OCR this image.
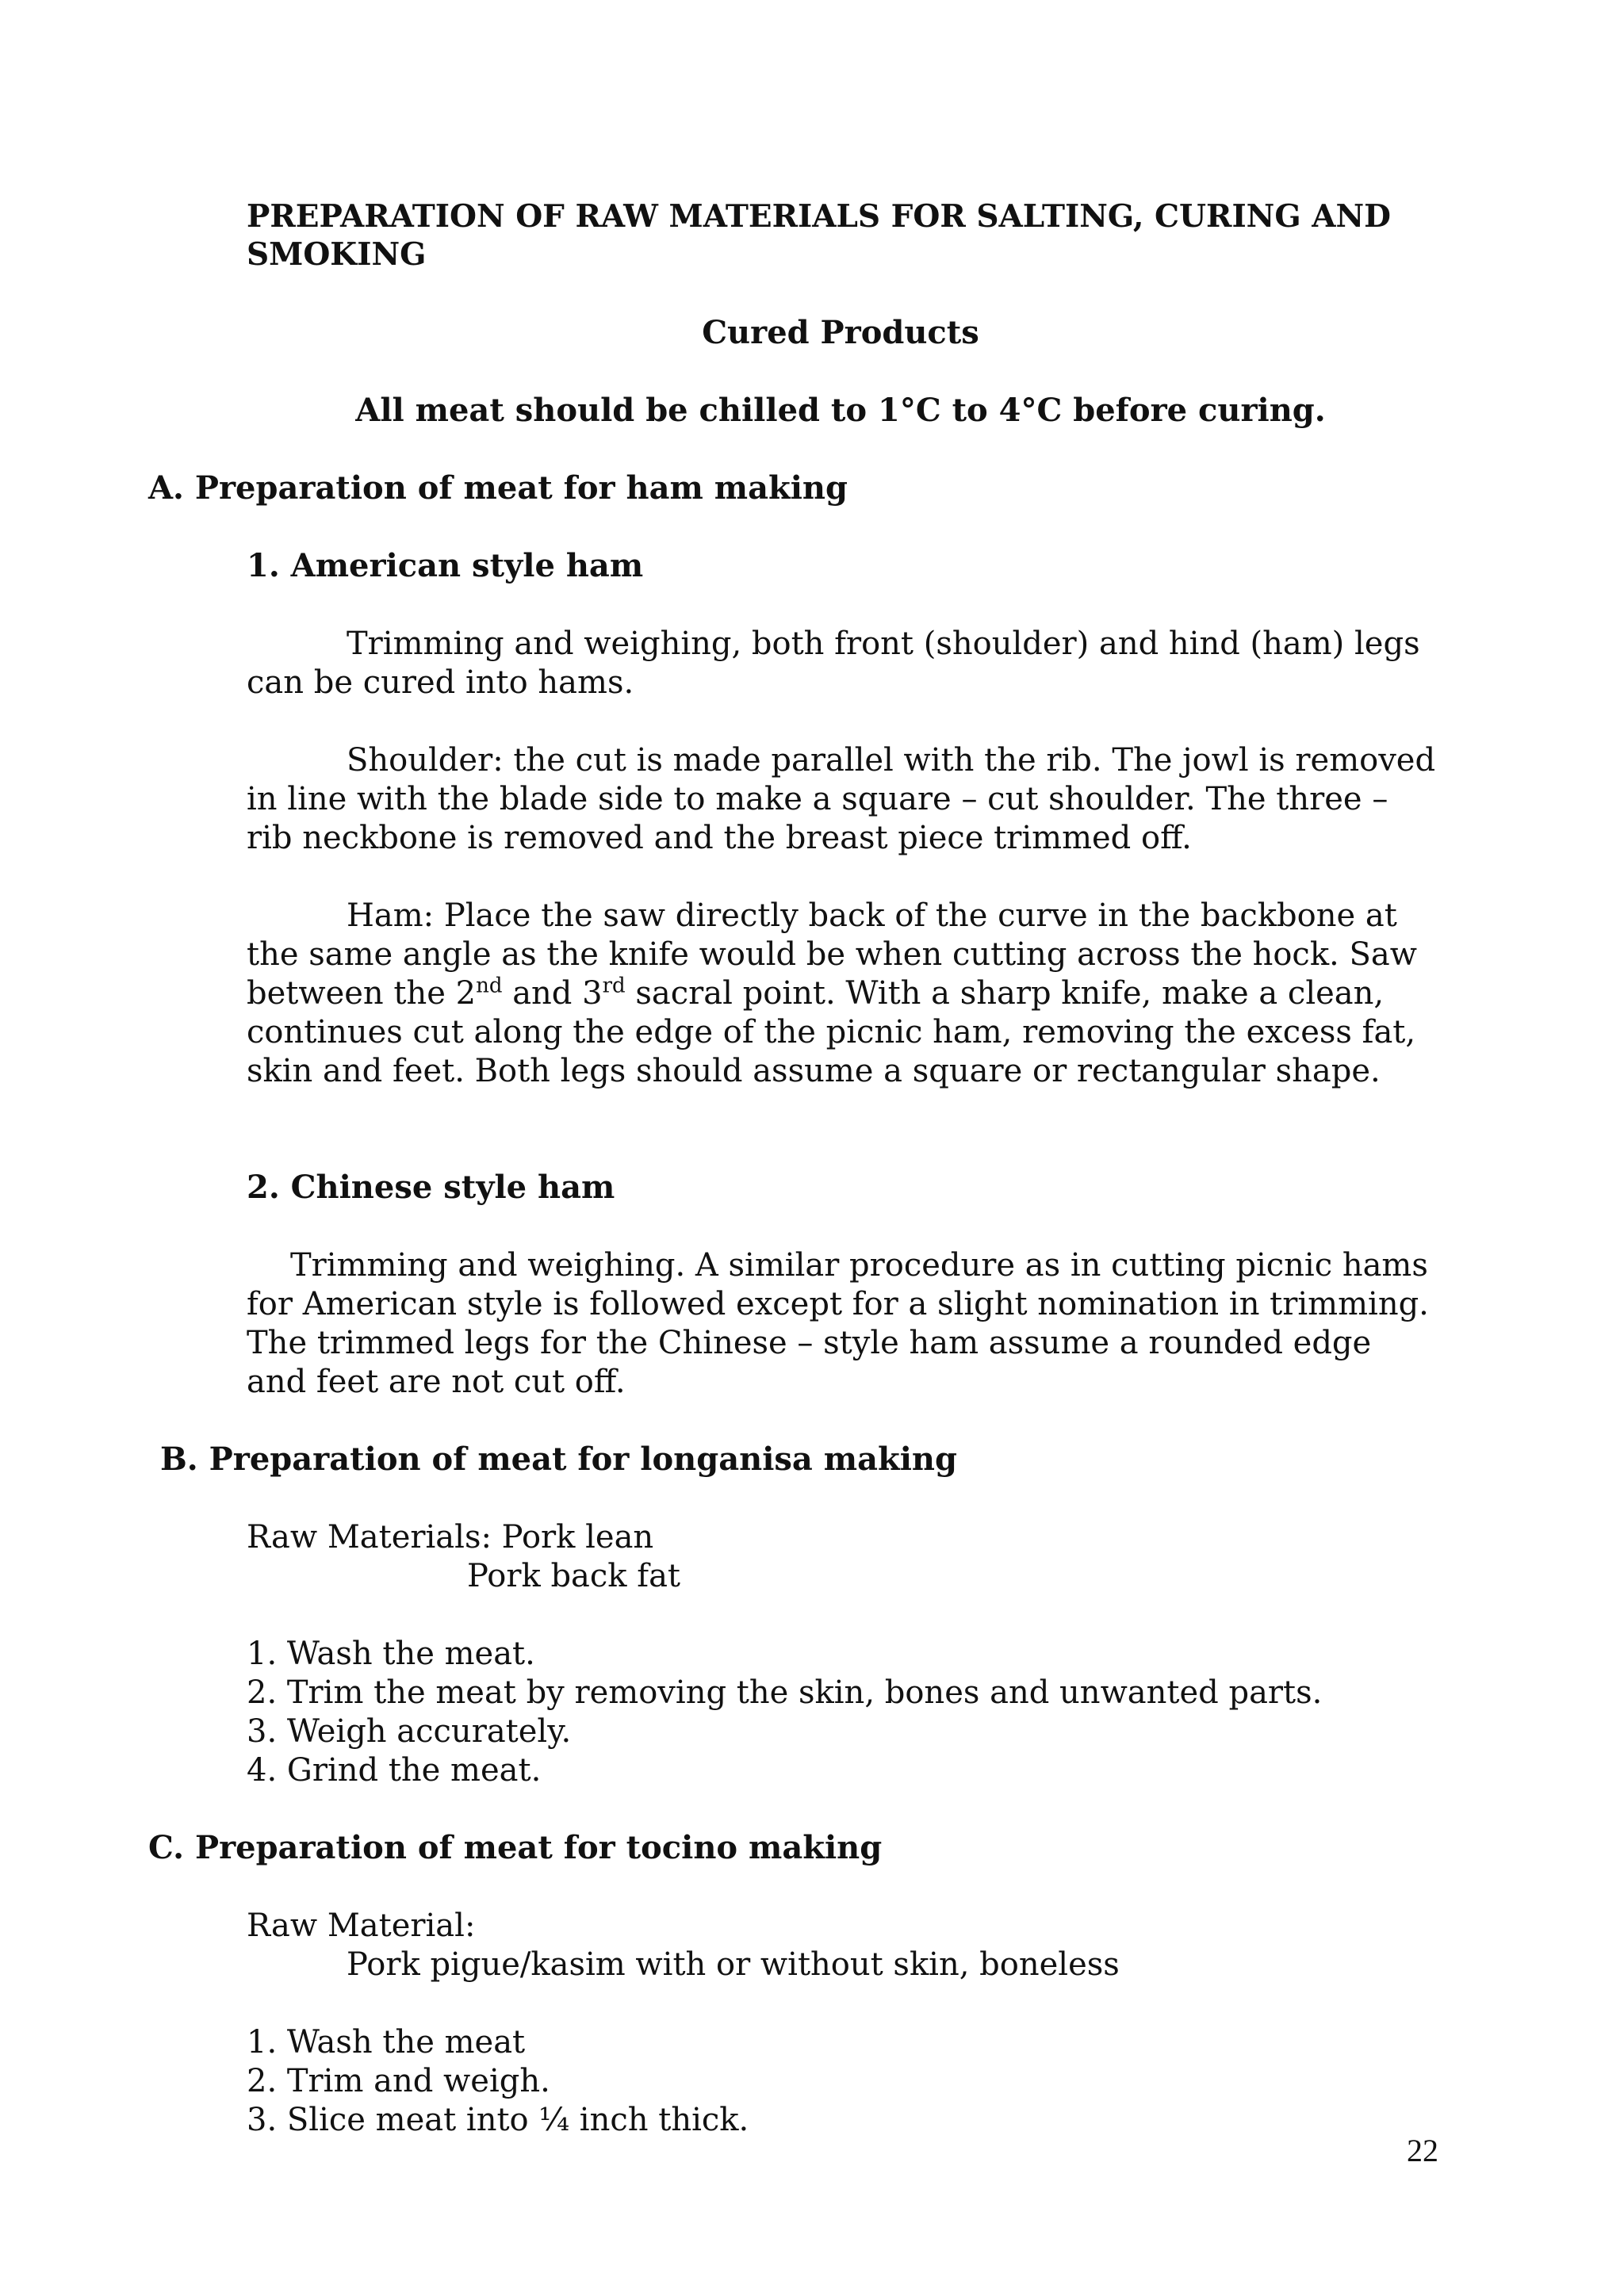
PREPARATION OF RAW MATERIALS FOR SALTING, CURING AND
SMOKING
Cured Products
All meat should be chilled to 1°C to 4°C before curing.
A. Preparation of meat for ham making
1. American style ham
Trimming and weighing, both front (shoulder) and hind (ham) legs
can be cured into hams.
Shoulder: the cut is made parallel with the rib. The jowl is removed
in line with the blade side to make a square – cut shoulder. The three –
rib neckbone is removed and the breast piece trimmed off.
Ham: Place the saw directly back of the curve in the backbone at
the same angle as the knife would be when cutting across the hock. Saw
between the 2nd and 3rd sacral point. With a sharp knife, make a clean,
continues cut along the edge of the picnic ham, removing the excess fat,
skin and feet. Both legs should assume a square or rectangular shape.
2. Chinese style ham
Trimming and weighing. A similar procedure as in cutting picnic hams
for American style is followed except for a slight nomination in trimming.
The trimmed legs for the Chinese – style ham assume a rounded edge
and feet are not cut off.
B. Preparation of meat for longanisa making
Raw Materials: Pork lean
Pork back fat
1. Wash the meat.
2. Trim the meat by removing the skin, bones and unwanted parts.
3. Weigh accurately.
4. Grind the meat.
C. Preparation of meat for tocino making
Raw Material:
Pork pigue/kasim with or without skin, boneless
1. Wash the meat
2. Trim and weigh.
3. Slice meat into ¼ inch thick.
22
